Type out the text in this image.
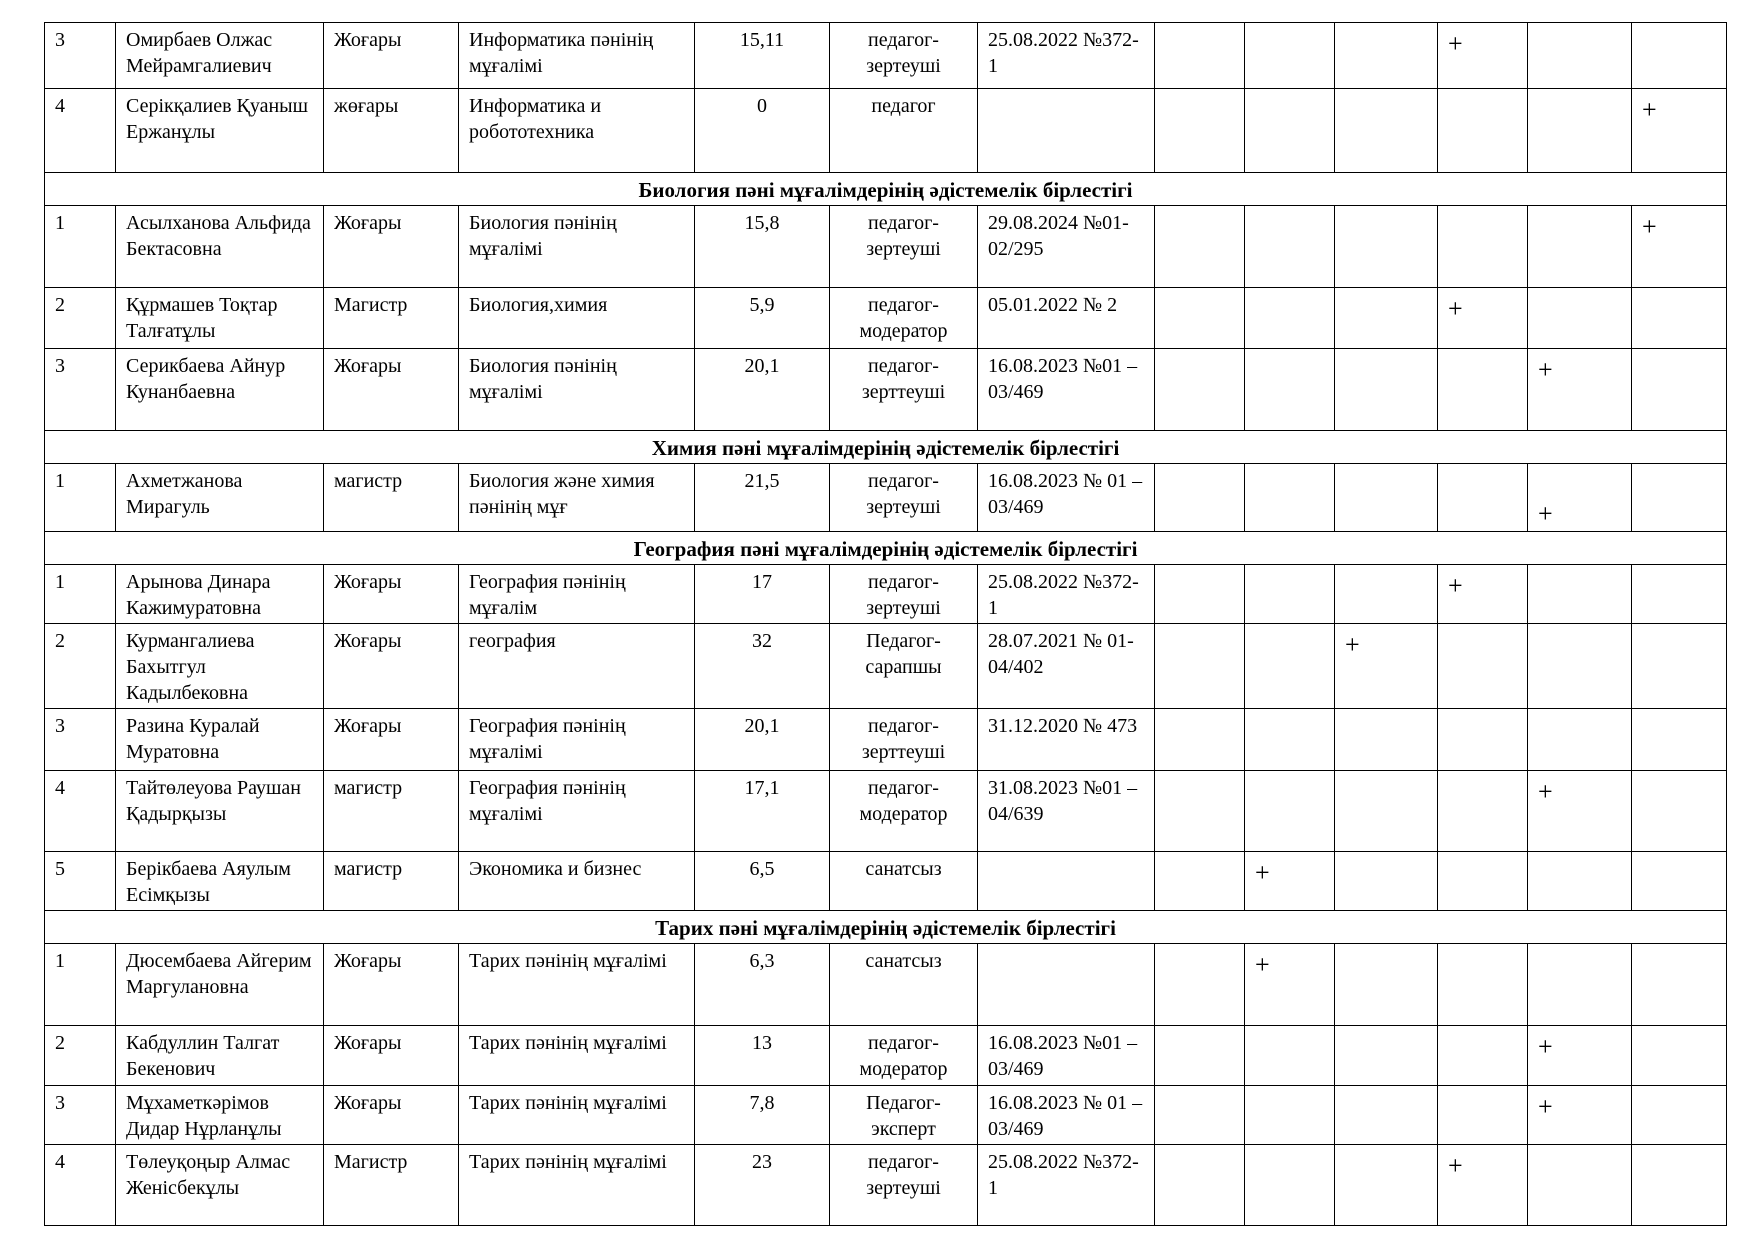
3	Омирбаев Олжас Мейрамгалиевич	Жоғары	Информатика пәнінің мұғалімі	15,11	педагог-зертеуші	25.08.2022 №372-1				+		
4	Серікқалиев Қуаныш Ержанұлы	жөғары	Информатика и робототехника	0	педагог							+
Биология пәні мұғалімдерінің әдістемелік бірлестігі												
1	Асылханова Альфида Бектасовна	Жоғары	Биология пәнінің мұғалімі	15,8	педагог-зертеуші	29.08.2024 №01-02/295						+
2	Құрмашев Тоқтар Талғатұлы	Магистр	Биология,химия	5,9	педагог-модератор	05.01.2022 № 2				+		
3	Серикбаева Айнур Кунанбаевна	Жоғары	Биология пәнінің мұғалімі	20,1	педагог-зерттеуші	16.08.2023 №01 –03/469					+	
Химия пәні мұғалімдерінің әдістемелік бірлестігі												
1	Ахметжанова Мирагуль	магистр	Биология және химия пәнінің мұғ	21,5	педагог-зертеуші	16.08.2023 № 01 – 03/469					+	
География пәні мұғалімдерінің әдістемелік бірлестігі												
1	Арынова Динара Кажимуратовна	Жоғары	География пәнінің мұғалім	17	педагог-зертеуші	25.08.2022 №372-1				+		
2	Курмангалиева Бахытгул Кадылбековна	Жоғары	география	32	Педагог-сарапшы	28.07.2021 № 01-04/402			+			
3	Разина Куралай Муратовна	Жоғары	География пәнінің мұғалімі	20,1	педагог-зерттеуші	31.12.2020 № 473						
4	Тайтөлеуова Раушан Қадырқызы	магистр	География пәнінің мұғалімі	17,1	педагог-модератор	31.08.2023 №01 –04/639					+	
5	Берікбаева Аяулым Есімқызы	магистр	Экономика и бизнес	6,5	санатсыз			+				
Тарих пәні мұғалімдерінің әдістемелік бірлестігі												
1	Дюсембаева Айгерим Маргулановна	Жоғары	Тарих пәнінің мұғалімі	6,3	санатсыз			+				
2	Кабдуллин Талгат Бекенович	Жоғары	Тарих пәнінің мұғалімі	13	педагог-модератор	16.08.2023 №01 –03/469					+	
3	Мұхаметкәрімов Дидар Нұрланұлы	Жоғары	Тарих пәнінің мұғалімі	7,8	Педагог-эксперт	16.08.2023 № 01 – 03/469					+	
4	Төлеуқоңыр Алмас Женісбекұлы	Магистр	Тарих пәнінің мұғалімі	23	педагог-зертеуші	25.08.2022 №372-1				+		
